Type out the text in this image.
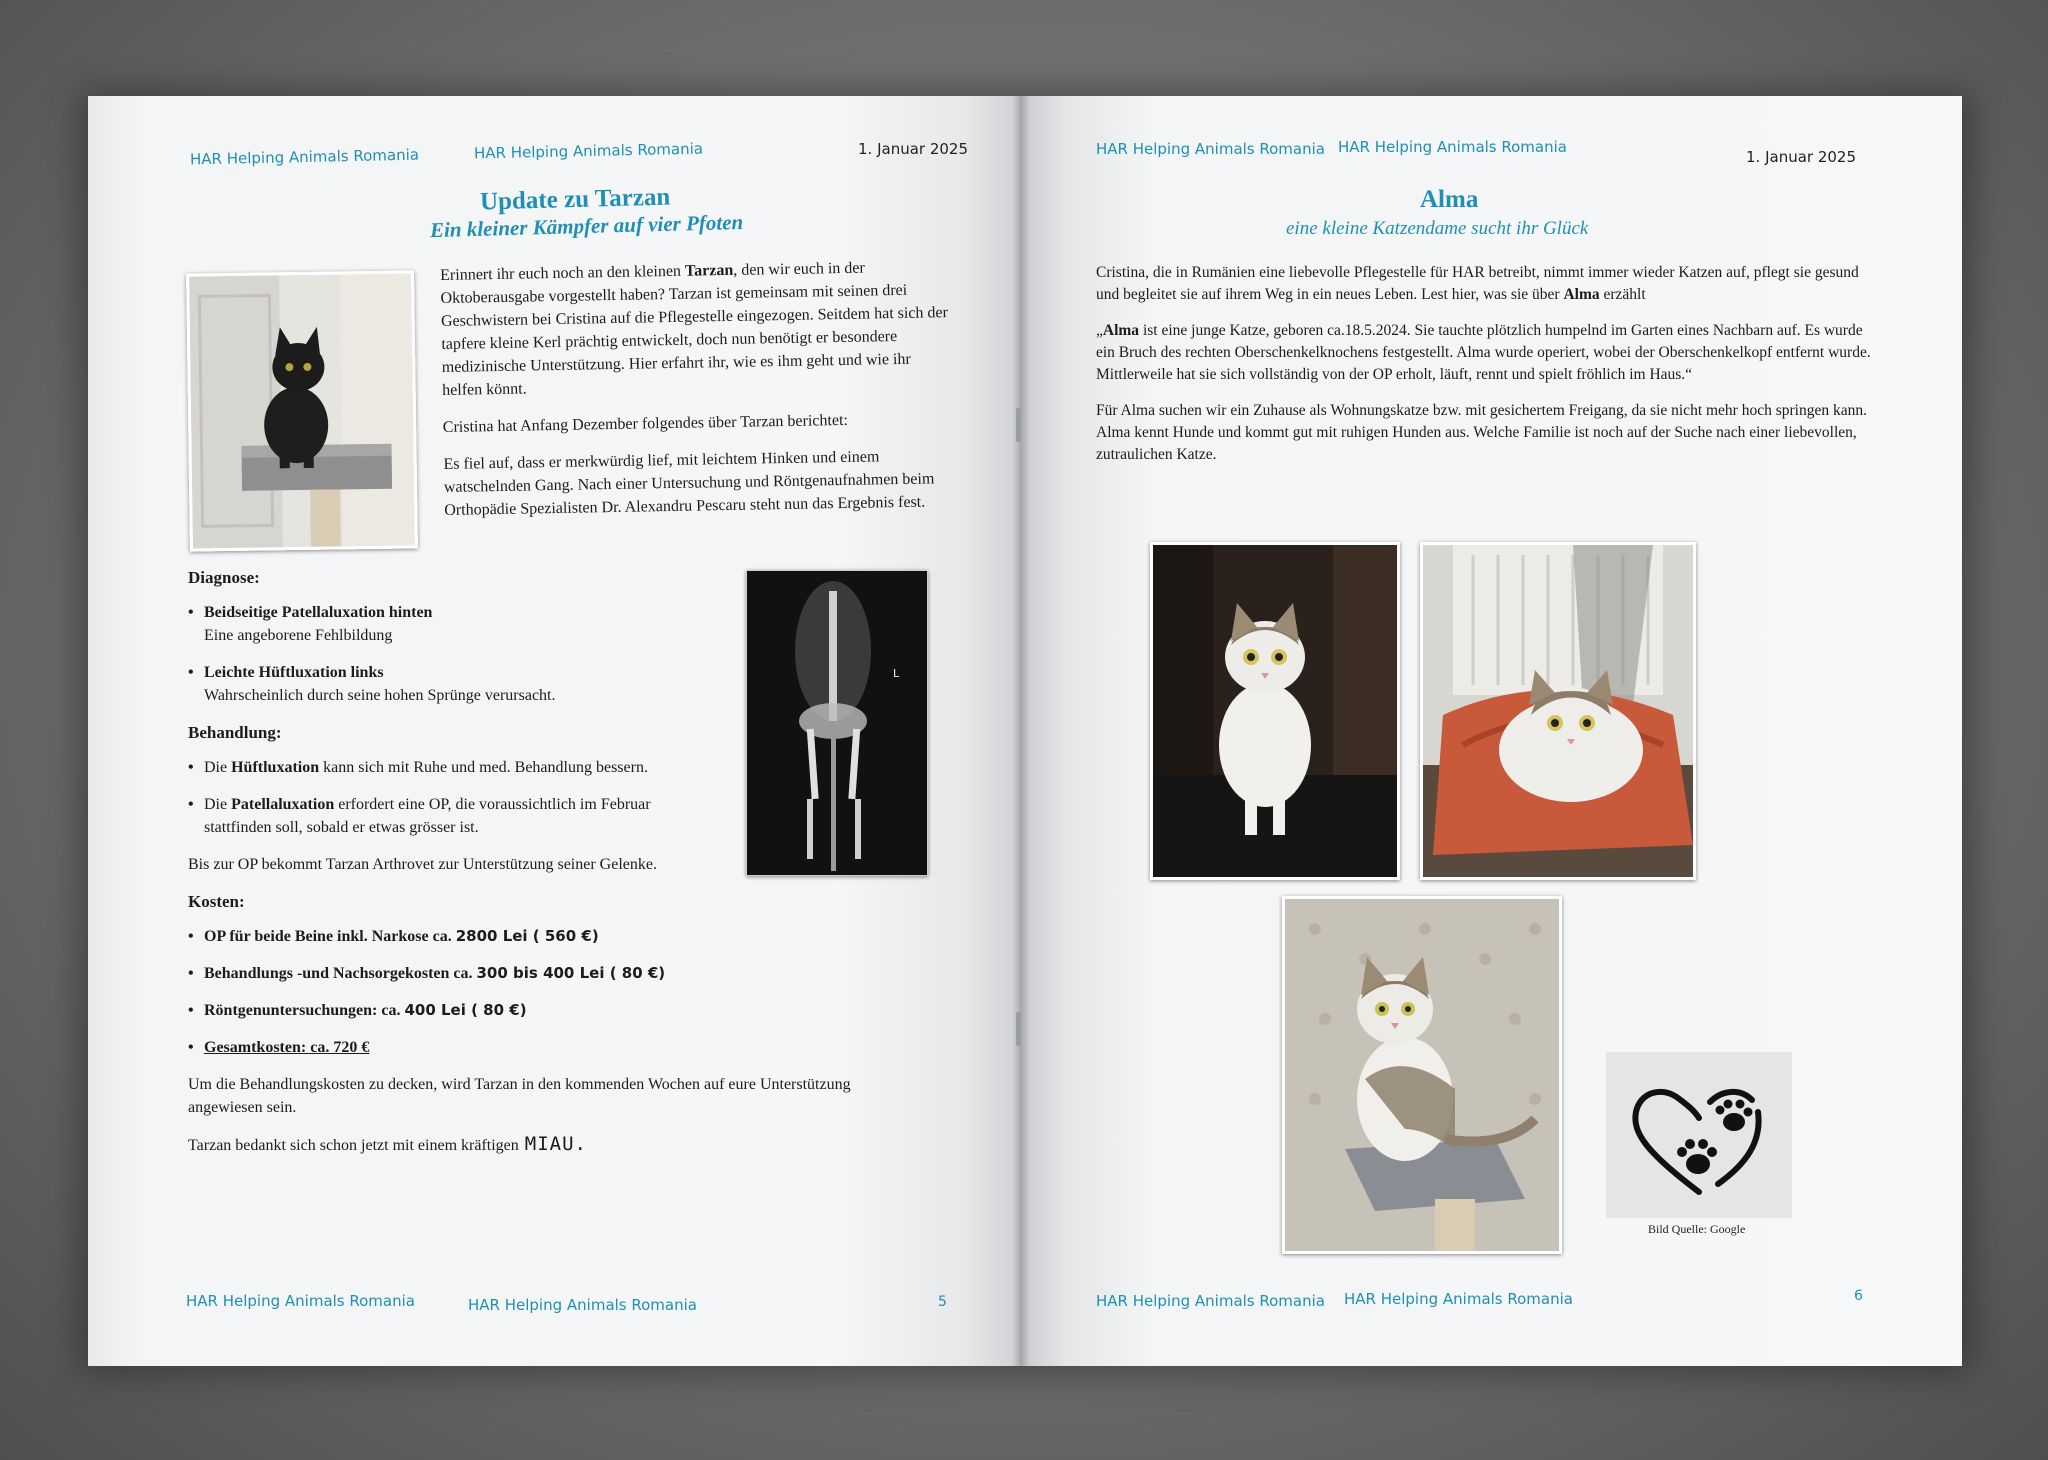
HAR Helping Animals Romania	HAR Helping Animals Romania	1. Januar 2025
Update zu Tarzan
Ein kleiner Kämpfer auf vier Pfoten

Erinnert ihr euch noch an den kleinen Tarzan, den wir euch in der Oktoberausgabe vorgestellt haben? Tarzan ist gemeinsam mit seinen drei Geschwistern bei Cristina auf die Pflegestelle eingezogen. Seitdem hat sich der tapfere kleine Kerl prächtig entwickelt, doch nun benötigt er besondere medizinische Unterstützung. Hier erfahrt ihr, wie es ihm geht und wie ihr helfen könnt.

Cristina hat Anfang Dezember folgendes über Tarzan berichtet:

Es fiel auf, dass er merkwürdig lief, mit leichtem Hinken und einem watschelnden Gang. Nach einer Untersuchung und Röntgenaufnahmen beim Orthopädie Spezialisten Dr. Alexandru Pescaru steht nun das Ergebnis fest.

L

Diagnose:

• Beidseitige Patellaluxation hinten
Eine angeborene Fehlbildung
• Leichte Hüftluxation links
Wahrscheinlich durch seine hohen Sprünge verursacht.

Behandlung:

• Die Hüftluxation kann sich mit Ruhe und med. Behandlung bessern.
• Die Patellaluxation erfordert eine OP, die voraussichtlich im Februar stattfinden soll, sobald er etwas grösser ist.

Bis zur OP bekommt Tarzan Arthrovet zur Unterstützung seiner Gelenke.

Kosten:

• OP für beide Beine inkl. Narkose ca. 2800 Lei ( 560 €)
• Behandlungs -und Nachsorgekosten ca. 300 bis 400 Lei ( 80 €)
• Röntgenuntersuchungen: ca. 400 Lei ( 80 €)
• Gesamtkosten: ca. 720 €

Um die Behandlungskosten zu decken, wird Tarzan in den kommenden Wochen auf eure Unterstützung angewiesen sein.

Tarzan bedankt sich schon jetzt mit einem kräftigen MIAU.

HAR Helping Animals Romania	HAR Helping Animals Romania	5
HAR Helping Animals Romania HAR Helping Animals Romania
1. Januar 2025
Alma
eine kleine Katzendame sucht ihr Glück

Cristina, die in Rumänien eine liebevolle Pflegestelle für HAR betreibt, nimmt immer wieder Katzen auf, pflegt sie gesund und begleitet sie auf ihrem Weg in ein neues Leben. Lest hier, was sie über Alma erzählt

„Alma ist eine junge Katze, geboren ca.18.5.2024. Sie tauchte plötzlich humpelnd im Garten eines Nachbarn auf. Es wurde ein Bruch des rechten Oberschenkelknochens festgestellt. Alma wurde operiert, wobei der Oberschenkelkopf entfernt wurde. Mittlerweile hat sie sich vollständig von der OP erholt, läuft, rennt und spielt fröhlich im Haus.“

Für Alma suchen wir ein Zuhause als Wohnungskatze bzw. mit gesichertem Freigang, da sie nicht mehr hoch springen kann. Alma kennt Hunde und kommt gut mit ruhigen Hunden aus. Welche Familie ist noch auf der Suche nach einer liebevollen, zutraulichen Katze.

Bild Quelle: Google
HAR Helping Animals Romania HAR Helping Animals Romania	6
